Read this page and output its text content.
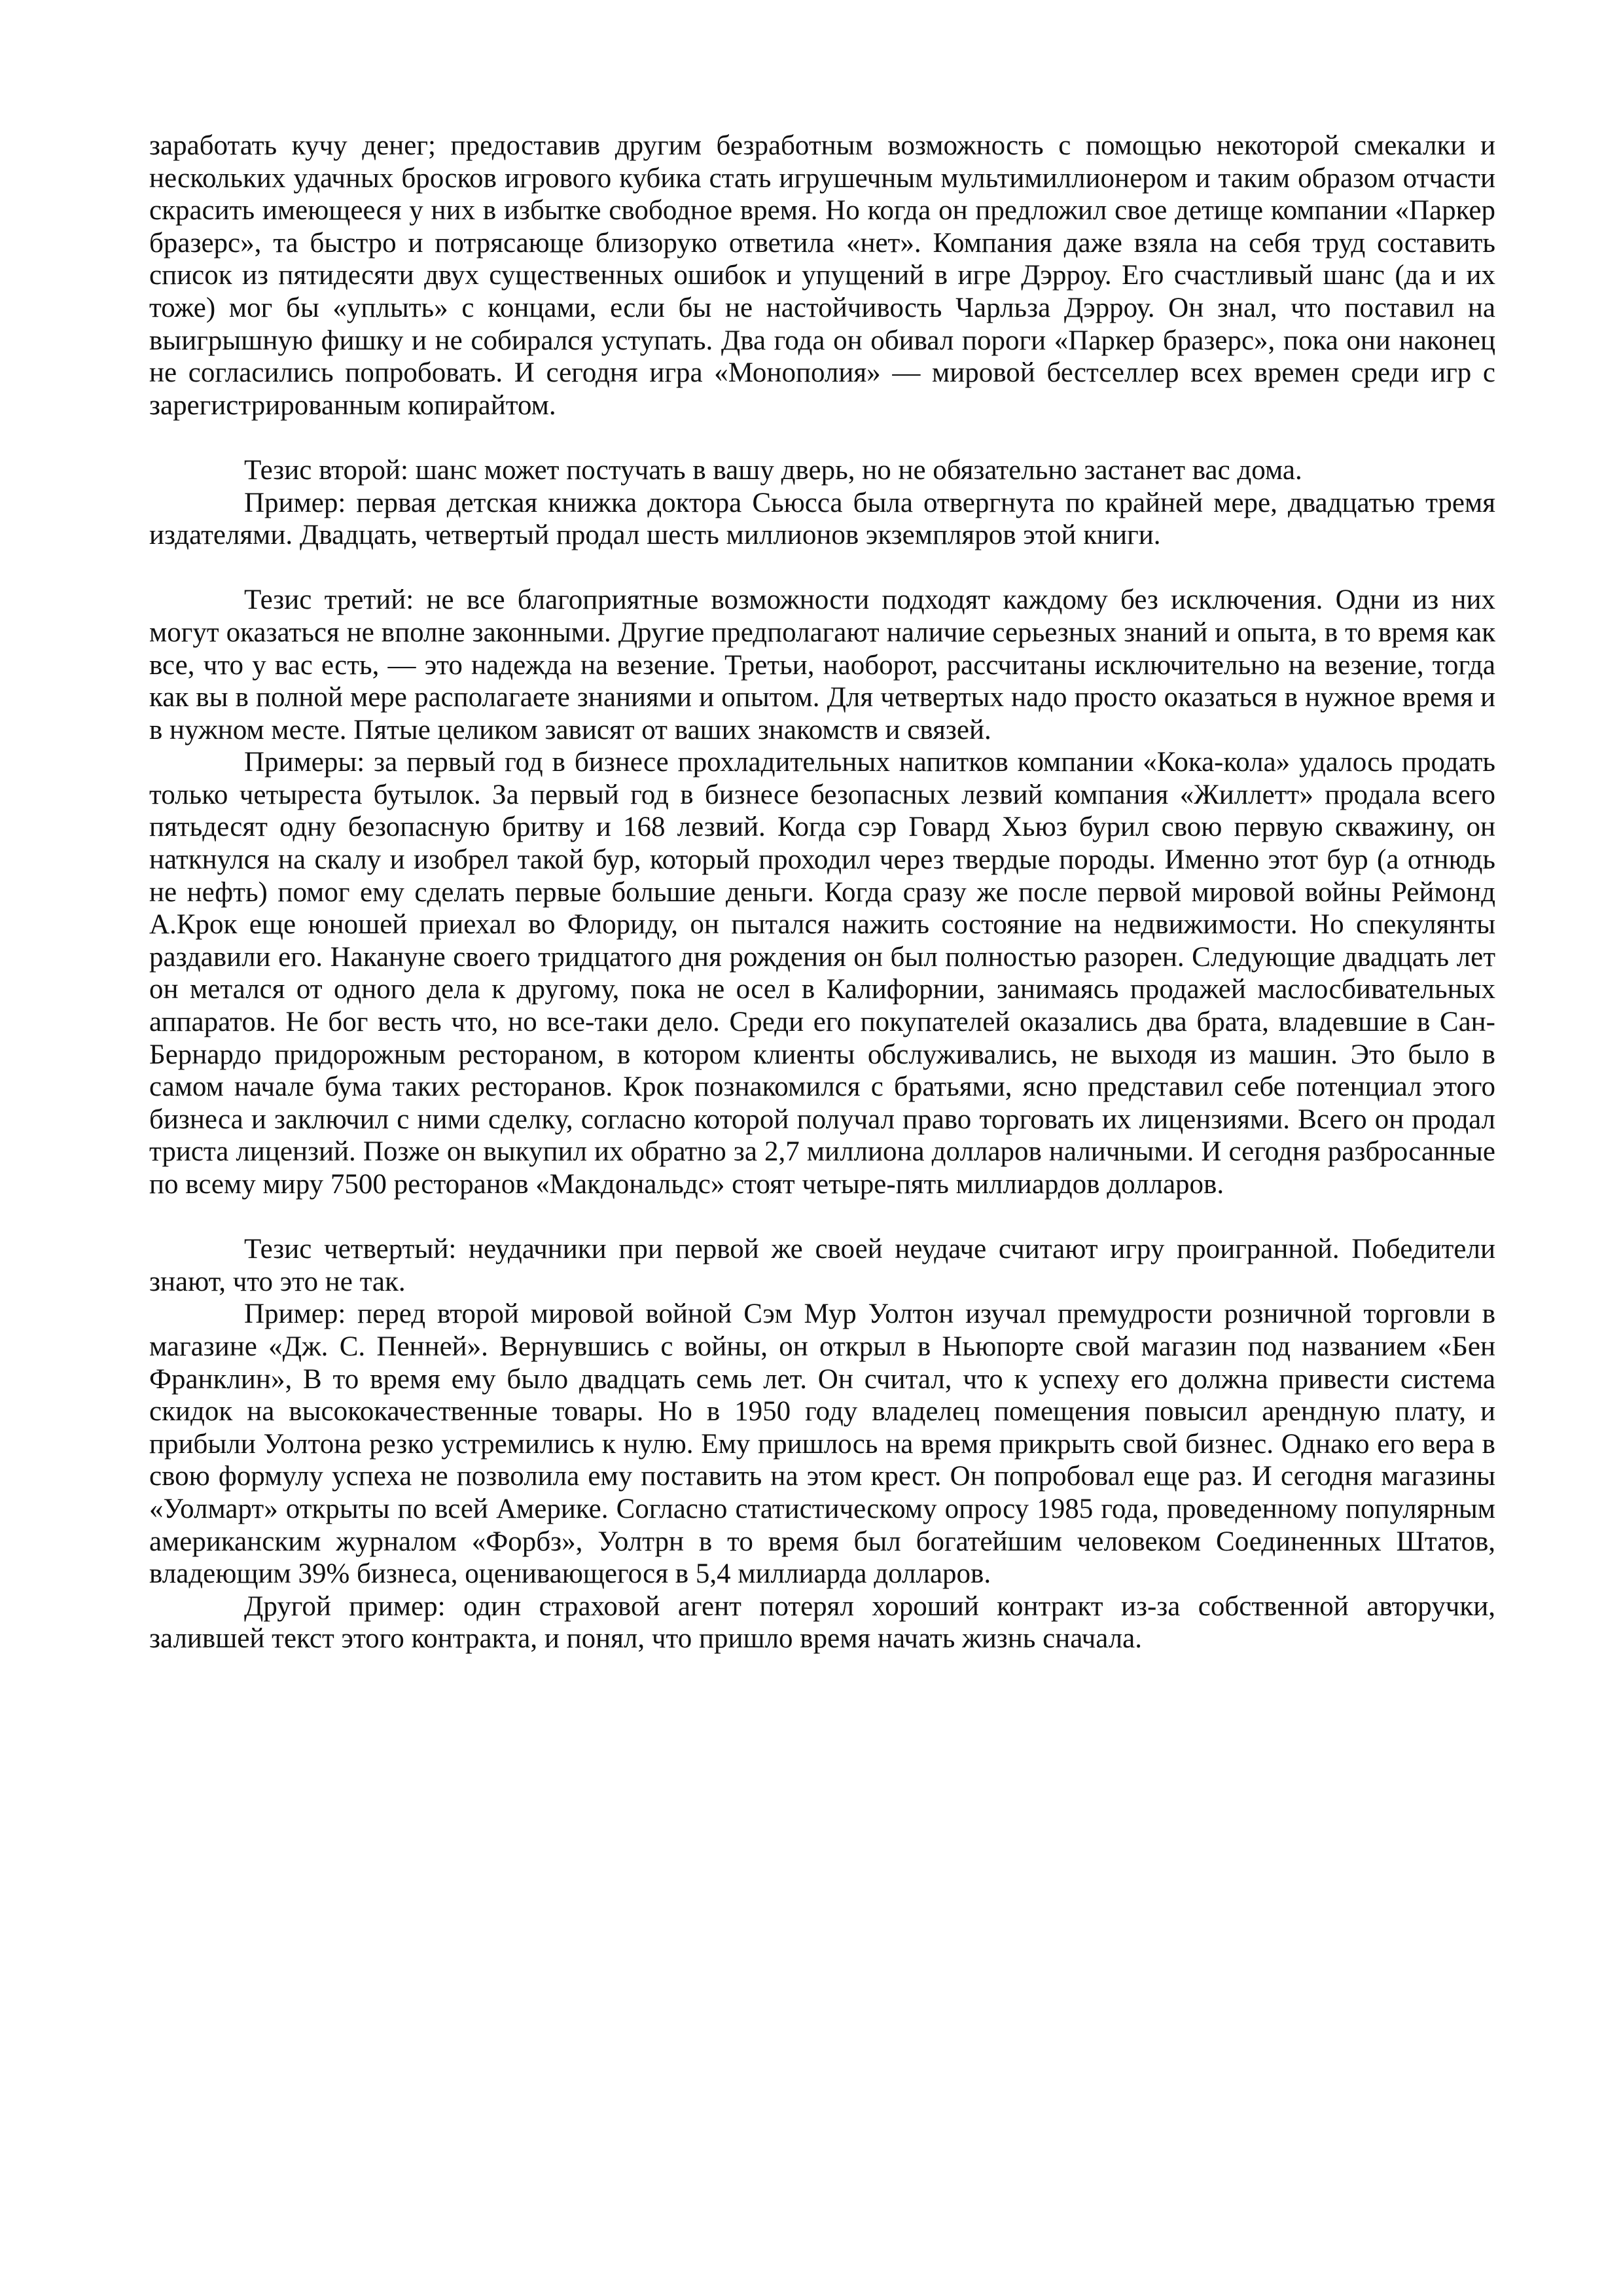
заработать кучу денег; предоставив другим безработным возможность с помощью некоторой смекалки и нескольких удачных бросков игрового кубика стать игрушечным мультимиллионером и таким образом отчасти скрасить имеющееся у них в избытке свободное время. Но когда он предложил свое детище компании «Паркер бразерс», та быстро и потрясающе близоруко ответила «нет». Компания даже взяла на себя труд составить список из пятидесяти двух существенных ошибок и упущений в игре Дэрроу. Его счастливый шанс (да и их тоже) мог бы «уплыть» с концами, если бы не настойчивость Чарльза Дэрроу. Он знал, что поставил на выигрышную фишку и не собирался уступать. Два года он обивал пороги «Паркер бразерс», пока они наконец не согласились попробовать. И сегодня игра «Монополия» — мировой бестселлер всех времен среди игр с зарегистрированным копирайтом.

Тезис второй: шанс может постучать в вашу дверь, но не обязательно застанет вас дома.

Пример: первая детская книжка доктора Сьюсса была отвергнута по крайней мере, двадцатью тремя издателями. Двадцать, четвертый продал шесть миллионов экземпляров этой книги.

Тезис третий: не все благоприятные возможности подходят каждому без исключения. Одни из них могут оказаться не вполне законными. Другие предполагают наличие серьезных знаний и опыта, в то время как все, что у вас есть, — это надежда на везение. Третьи, наоборот, рассчитаны исключительно на везение, тогда как вы в полной мере располагаете знаниями и опытом. Для четвертых надо просто оказаться в нужное время и в нужном месте. Пятые целиком зависят от ваших знакомств и связей.

Примеры: за первый год в бизнесе прохладительных напитков компании «Кока-кола» удалось продать только четыреста бутылок. За первый год в бизнесе безопасных лезвий компания «Жиллетт» продала всего пятьдесят одну безопасную бритву и 168 лезвий. Когда сэр Говард Хьюз бурил свою первую скважину, он наткнулся на скалу и изобрел такой бур, который проходил через твердые породы. Именно этот бур (а отнюдь не нефть) помог ему сделать первые большие деньги. Когда сразу же после первой мировой войны Реймонд А.Крок еще юношей приехал во Флориду, он пытался нажить состояние на недвижимости. Но спекулянты раздавили его. Накануне своего тридцатого дня рождения он был полностью разорен. Следующие двадцать лет он метался от одного дела к другому, пока не осел в Калифорнии, занимаясь продажей маслосбивательных аппаратов. Не бог весть что, но все-таки дело. Среди его покупателей оказались два брата, владевшие в Сан-Бернардо придорожным рестораном, в котором клиенты обслуживались, не выходя из машин. Это было в самом начале бума таких ресторанов. Крок познакомился с братьями, ясно представил себе потенциал этого бизнеса и заключил с ними сделку, согласно которой получал право торговать их лицензиями. Всего он продал триста лицензий. Позже он выкупил их обратно за 2,7 миллиона долларов наличными. И сегодня разбросанные по всему миру 7500 ресторанов «Макдональдс» стоят четыре-пять миллиардов долларов.

Тезис четвертый: неудачники при первой же своей неудаче считают игру проигранной. Победители знают, что это не так.

Пример: перед второй мировой войной Сэм Мур Уолтон изучал премудрости розничной торговли в магазине «Дж. С. Пенней». Вернувшись с войны, он открыл в Ньюпорте свой магазин под названием «Бен Франклин», В то время ему было двадцать семь лет. Он считал, что к успеху его должна привести система скидок на высококачественные товары. Но в 1950 году владелец помещения повысил арендную плату, и прибыли Уолтона резко устремились к нулю. Ему пришлось на время прикрыть свой бизнес. Однако его вера в свою формулу успеха не позволила ему поставить на этом крест. Он попробовал еще раз. И сегодня магазины «Уолмарт» открыты по всей Америке. Согласно статистическому опросу 1985 года, проведенному популярным американским журналом «Форбз», Уолтрн в то время был богатейшим человеком Соединенных Штатов, владеющим 39% бизнеса, оценивающегося в 5,4 миллиарда долларов.

Другой пример: один страховой агент потерял хороший контракт из-за собственной авторучки, залившей текст этого контракта, и понял, что пришло время начать жизнь сначала.
